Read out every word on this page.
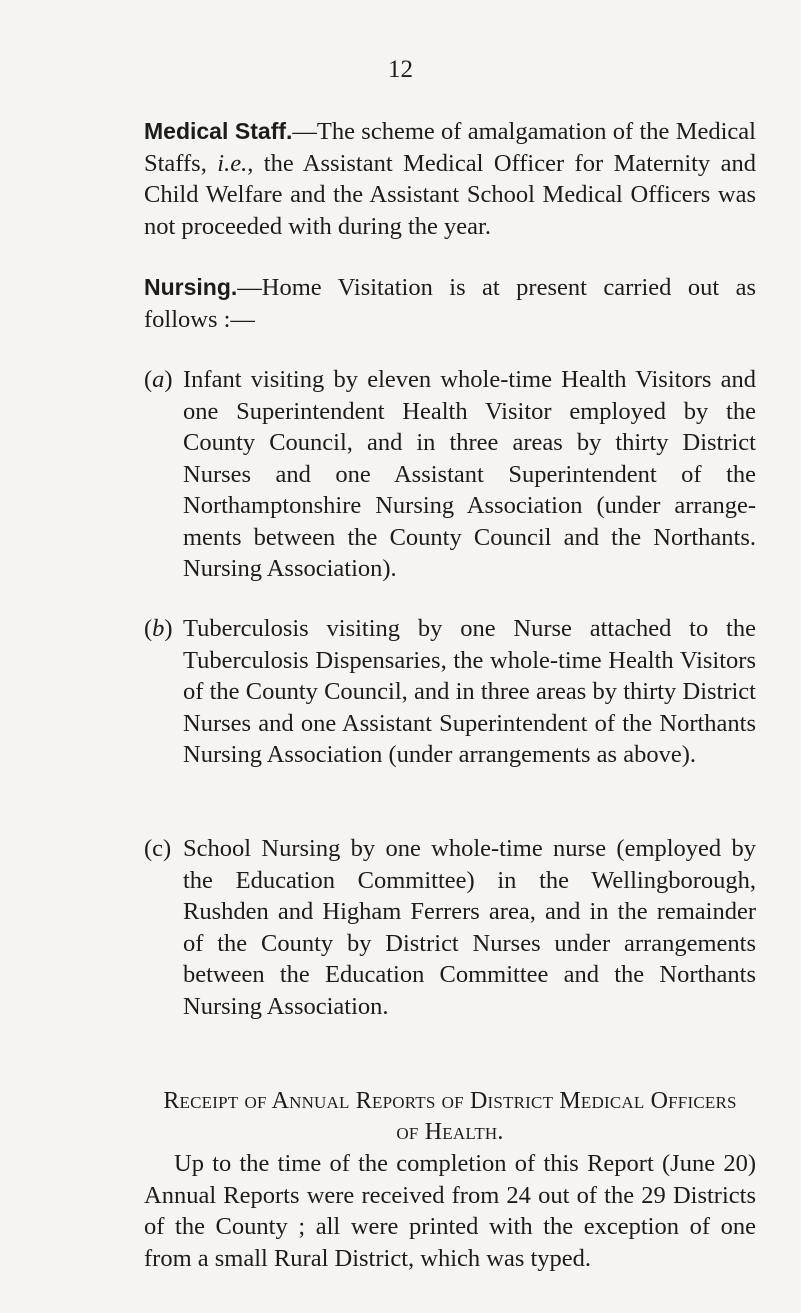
12

Medical Staff.—The scheme of amalgamation of the Medical Staffs, i.e., the Assistant Medical Officer for Maternity and Child Welfare and the Assistant School Medical Officers was not proceeded with during the year.

Nursing.—Home Visitation is at present carried out as follows :—

(a) Infant visiting by eleven whole-time Health Visitors and one Superintendent Health Visitor employed by the County Council, and in three areas by thirty District Nurses and one Assistant Superintendent of the Northamptonshire Nursing Association (under arrangements between the County Council and the Northants. Nursing Association).
(b) Tuberculosis visiting by one Nurse attached to the Tuberculosis Dispensaries, the whole-time Health Visitors of the County Council, and in three areas by thirty District Nurses and one Assistant Superintendent of the Northants Nursing Association (under arrangements as above).
(c) School Nursing by one whole-time nurse (employed by the Education Committee) in the Wellingborough, Rushden and Higham Ferrers area, and in the remainder of the County by District Nurses under arrangements between the Education Committee and the Northants Nursing Association.
Receipt of Annual Reports of District Medical Officers
of Health.

Up to the time of the completion of this Report (June 20) Annual Reports were received from 24 out of the 29 Districts of the County ; all were printed with the exception of one from a small Rural District, which was typed.
